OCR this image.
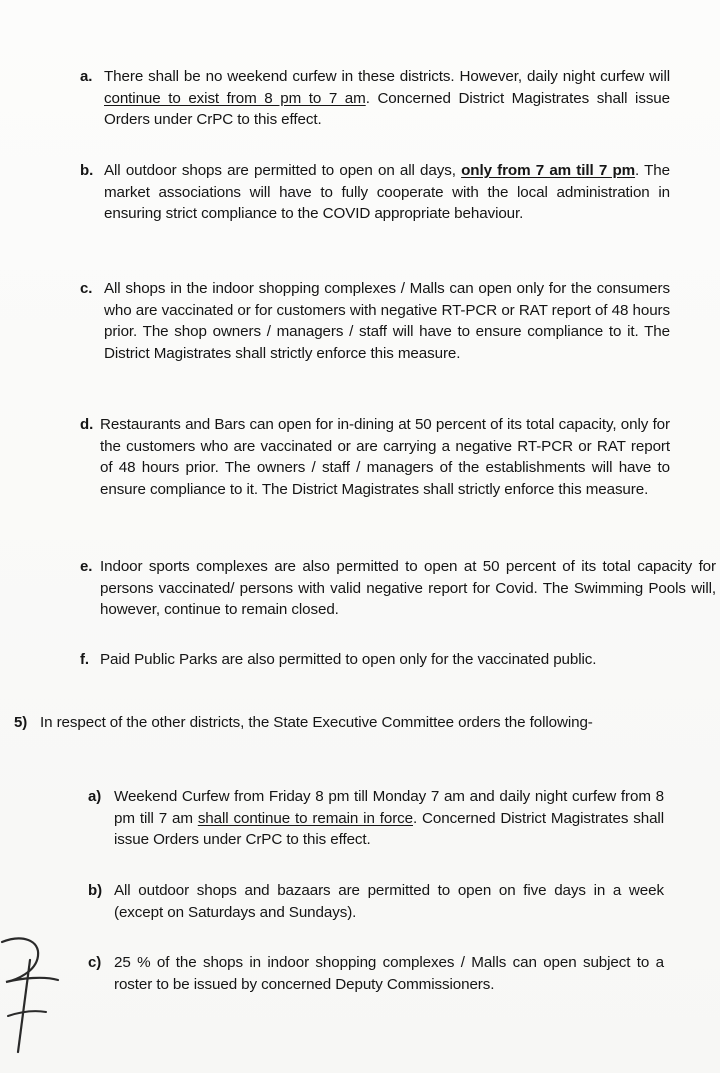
a. There shall be no weekend curfew in these districts. However, daily night curfew will continue to exist from 8 pm to 7 am. Concerned District Magistrates shall issue Orders under CrPC to this effect.
b. All outdoor shops are permitted to open on all days, only from 7 am till 7 pm. The market associations will have to fully cooperate with the local administration in ensuring strict compliance to the COVID appropriate behaviour.
c. All shops in the indoor shopping complexes / Malls can open only for the consumers who are vaccinated or for customers with negative RT-PCR or RAT report of 48 hours prior. The shop owners / managers / staff will have to ensure compliance to it. The District Magistrates shall strictly enforce this measure.
d. Restaurants and Bars can open for in-dining at 50 percent of its total capacity, only for the customers who are vaccinated or are carrying a negative RT-PCR or RAT report of 48 hours prior. The owners / staff / managers of the establishments will have to ensure compliance to it. The District Magistrates shall strictly enforce this measure.
e. Indoor sports complexes are also permitted to open at 50 percent of its total capacity for persons vaccinated/ persons with valid negative report for Covid. The Swimming Pools will, however, continue to remain closed.
f. Paid Public Parks are also permitted to open only for the vaccinated public.
5) In respect of the other districts, the State Executive Committee orders the following-
a) Weekend Curfew from Friday 8 pm till Monday 7 am and daily night curfew from 8 pm till 7 am shall continue to remain in force. Concerned District Magistrates shall issue Orders under CrPC to this effect.
b) All outdoor shops and bazaars are permitted to open on five days in a week (except on Saturdays and Sundays).
c) 25 % of the shops in indoor shopping complexes / Malls can open subject to a roster to be issued by concerned Deputy Commissioners.
